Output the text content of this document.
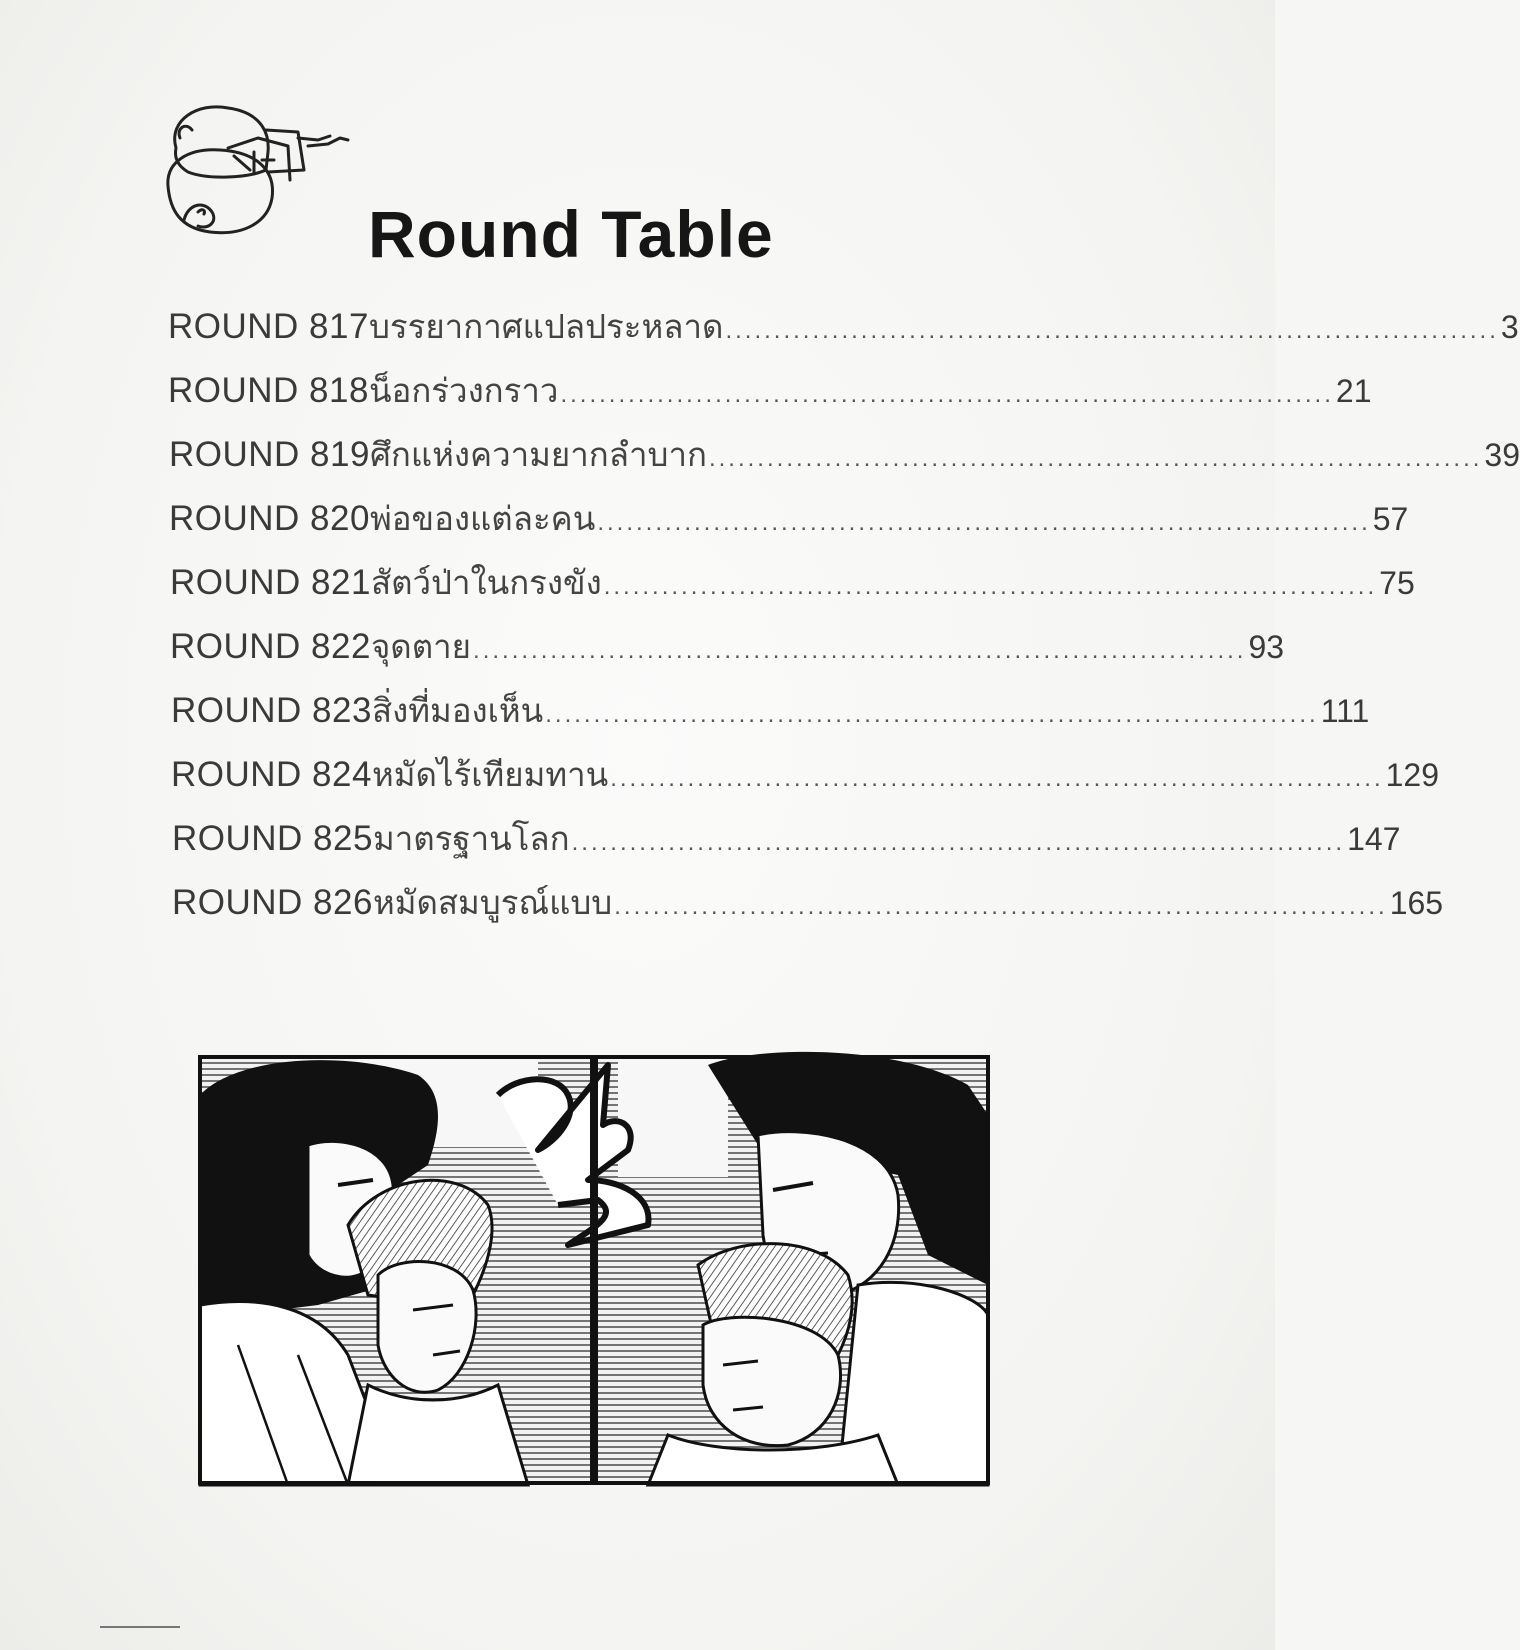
Round Table
ROUND 817 บรรยากาศแปลประหลาด ................................................................................ 3
ROUND 818 น็อกร่วงกราว ................................................................................ 21
ROUND 819 ศึกแห่งความยากลำบาก ................................................................................ 39
ROUND 820 พ่อของแต่ละคน ................................................................................ 57
ROUND 821 สัตว์ป่าในกรงขัง ................................................................................ 75
ROUND 822 จุดตาย ................................................................................ 93
ROUND 823 สิ่งที่มองเห็น ................................................................................ 111
ROUND 824 หมัดไร้เทียมทาน ................................................................................ 129
ROUND 825 มาตรฐานโลก ................................................................................ 147
ROUND 826 หมัดสมบูรณ์แบบ ................................................................................ 165
